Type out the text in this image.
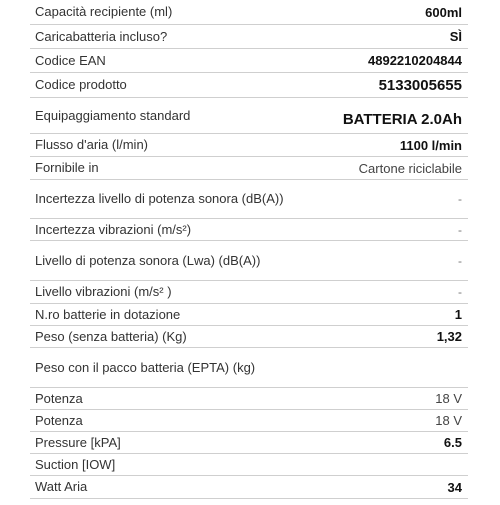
Capacità recipiente (ml)	600ml
Caricabatteria incluso?	SÌ
Codice EAN	4892210204844
Codice prodotto	5133005655
Equipaggiamento standard	BATTERIA 2.0Ah
Flusso d'aria (l/min)	1100 l/min
Fornibile in	Cartone riciclabile
Incertezza livello di potenza sonora (dB(A))	-
Incertezza vibrazioni (m/s²)	-
Livello di potenza sonora (Lwa) (dB(A))	-
Livello vibrazioni (m/s² )	-
N.ro batterie in dotazione	1
Peso (senza batteria) (Kg)	1,32
Peso con il pacco batteria (EPTA) (kg)
Potenza	18 V
Potenza	18 V
Pressure [kPA]	6.5
Suction [IOW]
Watt Aria	34
